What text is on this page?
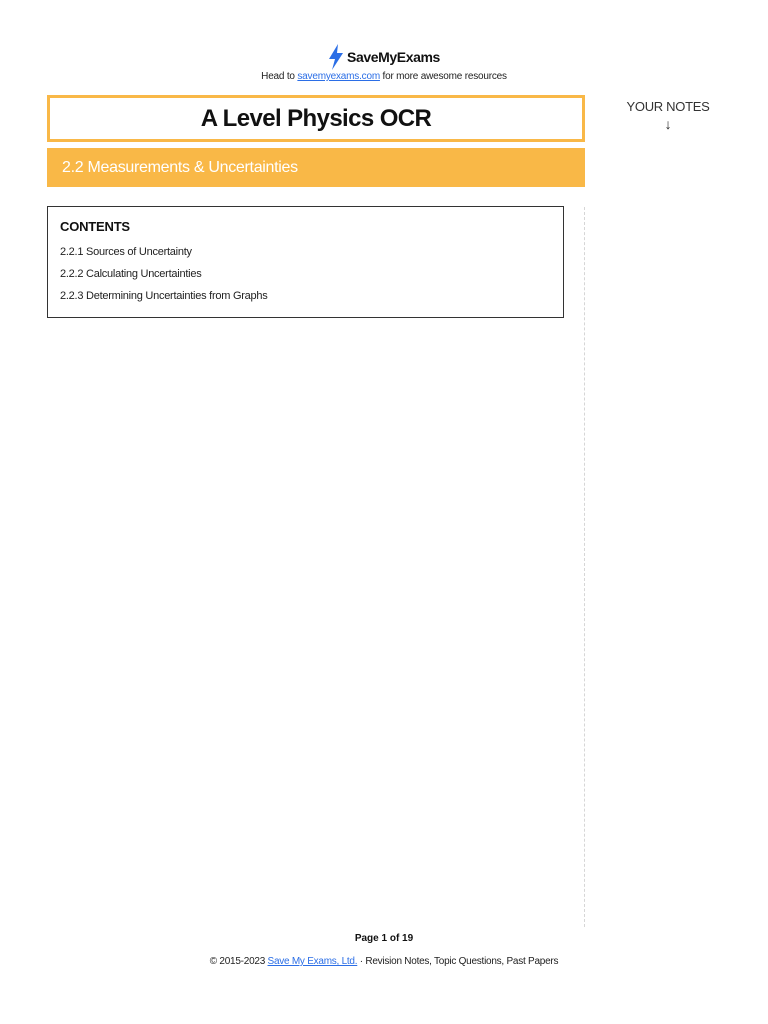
SaveMyExams
Head to savemyexams.com for more awesome resources
A Level Physics OCR	YOUR NOTES
↓
2.2 Measurements & Uncertainties
CONTENTS
2.2.1 Sources of Uncertainty
2.2.2 Calculating Uncertainties
2.2.3 Determining Uncertainties from Graphs
Page 1 of 19
© 2015-2023 Save My Exams, Ltd. · Revision Notes, Topic Questions, Past Papers
